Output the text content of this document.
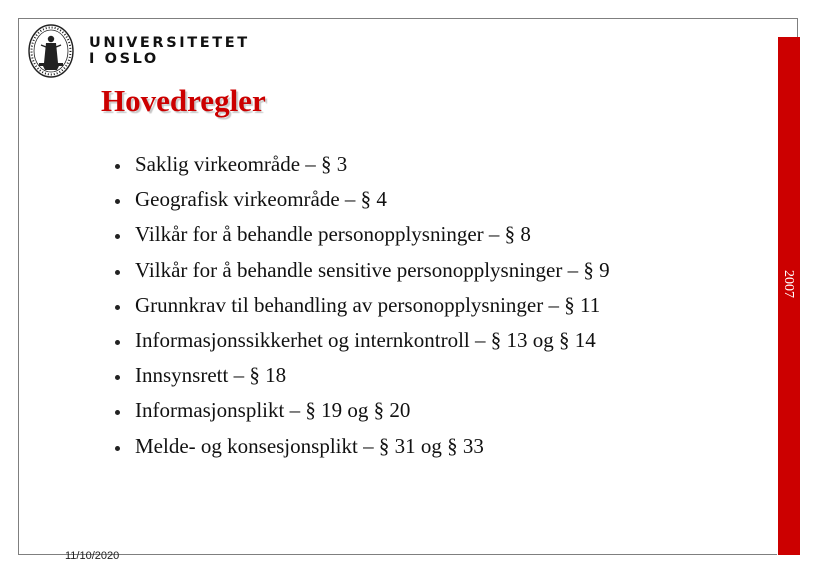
UNIVERSITETET
I OSLO
Hovedregler
Saklig virkeområde – § 3
Geografisk virkeområde – § 4
Vilkår for å behandle personopplysninger – § 8
Vilkår for å behandle sensitive personopplysninger – § 9
Grunnkrav til behandling av personopplysninger – § 11
Informasjonssikkerhet og internkontroll – § 13 og § 14
Innsynsrett – § 18
Informasjonsplikt – § 19 og § 20
Melde- og konsesjonsplikt – § 31 og § 33
2007
11/10/2020
